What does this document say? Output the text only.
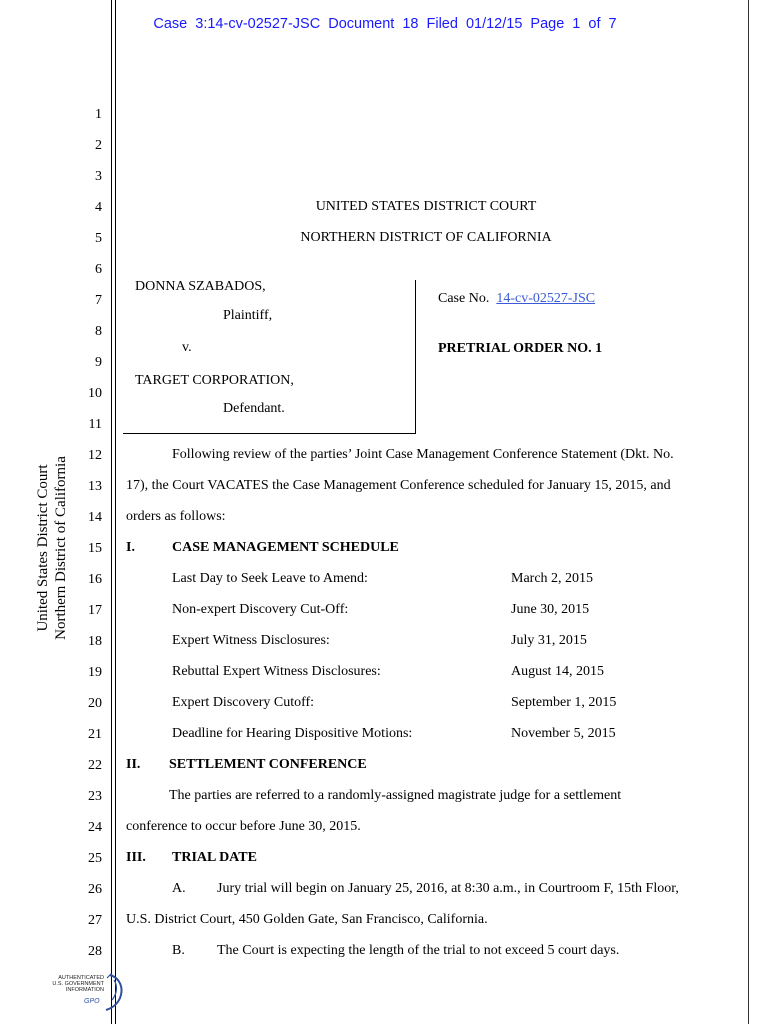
Case 3:14-cv-02527-JSC Document 18 Filed 01/12/15 Page 1 of 7
1
2
3
4
5
6
7
8
9
10
11
12
13
14
15
16
17
18
19
20
21
22
23
24
25
26
27
28
United States District Court Northern District of California
UNITED STATES DISTRICT COURT
NORTHERN DISTRICT OF CALIFORNIA
DONNA SZABADOS,
Plaintiff,
v.
TARGET CORPORATION,
Defendant.
Case No. 14-cv-02527-JSC
PRETRIAL ORDER NO. 1
Following review of the parties’ Joint Case Management Conference Statement (Dkt. No.
17), the Court VACATES the Case Management Conference scheduled for January 15, 2015, and
orders as follows:
I.	CASE MANAGEMENT SCHEDULE
Last Day to Seek Leave to Amend:	March 2, 2015
Non-expert Discovery Cut-Off:	June 30, 2015
Expert Witness Disclosures:	July 31, 2015
Rebuttal Expert Witness Disclosures:	August 14, 2015
Expert Discovery Cutoff:	September 1, 2015
Deadline for Hearing Dispositive Motions:	November 5, 2015
II. SETTLEMENT CONFERENCE
The parties are referred to a randomly-assigned magistrate judge for a settlement
conference to occur before June 30, 2015.
III. TRIAL DATE
A. Jury trial will begin on January 25, 2016, at 8:30 a.m., in Courtroom F, 15th Floor,
U.S. District Court, 450 Golden Gate, San Francisco, California.
B. The Court is expecting the length of the trial to not exceed 5 court days.
AUTHENTICATED
U.S. GOVERNMENT
INFORMATION
GPO
